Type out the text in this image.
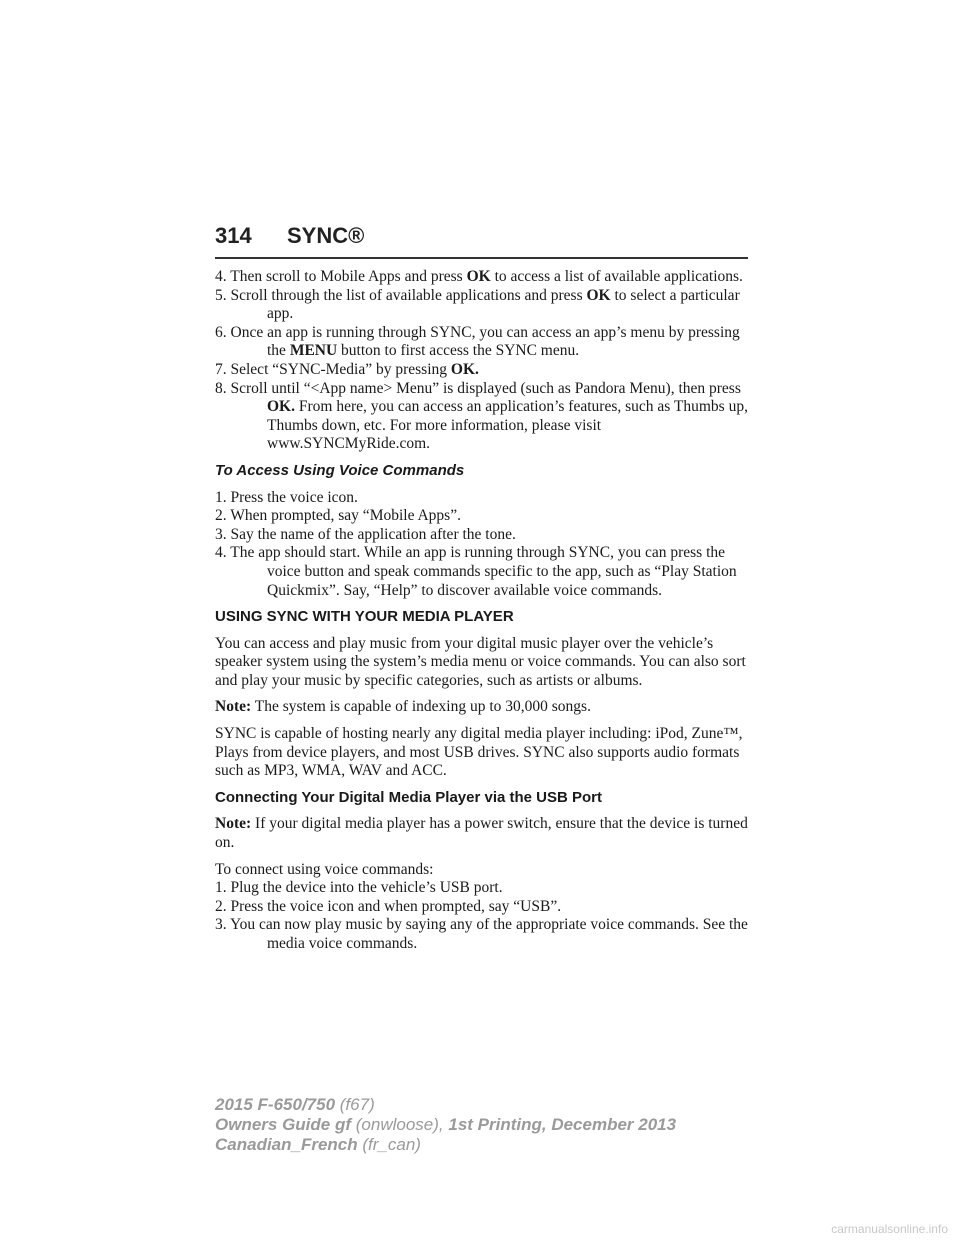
314 SYNC®

4. Then scroll to Mobile Apps and press OK to access a list of available applications.

5. Scroll through the list of available applications and press OK to select a particular app.

6. Once an app is running through SYNC, you can access an app’s menu by pressing the MENU button to first access the SYNC menu.

7. Select “SYNC-Media” by pressing OK.

8. Scroll until “<App name> Menu” is displayed (such as Pandora Menu), then press OK. From here, you can access an application’s features, such as Thumbs up, Thumbs down, etc. For more information, please visit www.SYNCMyRide.com.

To Access Using Voice Commands

1. Press the voice icon.

2. When prompted, say “Mobile Apps”.

3. Say the name of the application after the tone.

4. The app should start. While an app is running through SYNC, you can press the voice button and speak commands specific to the app, such as “Play Station Quickmix”. Say, “Help” to discover available voice commands.

USING SYNC WITH YOUR MEDIA PLAYER

You can access and play music from your digital music player over the vehicle’s speaker system using the system’s media menu or voice commands. You can also sort and play your music by specific categories, such as artists or albums.

Note: The system is capable of indexing up to 30,000 songs.

SYNC is capable of hosting nearly any digital media player including: iPod, Zune™, Plays from device players, and most USB drives. SYNC also supports audio formats such as MP3, WMA, WAV and ACC.

Connecting Your Digital Media Player via the USB Port

Note: If your digital media player has a power switch, ensure that the device is turned on.

To connect using voice commands:

1. Plug the device into the vehicle’s USB port.

2. Press the voice icon and when prompted, say “USB”.

3. You can now play music by saying any of the appropriate voice commands. See the media voice commands.

2015 F-650/750 (f67)
Owners Guide gf (onwloose), 1st Printing, December 2013
Canadian_French (fr_can)
carmanualsonline.info
